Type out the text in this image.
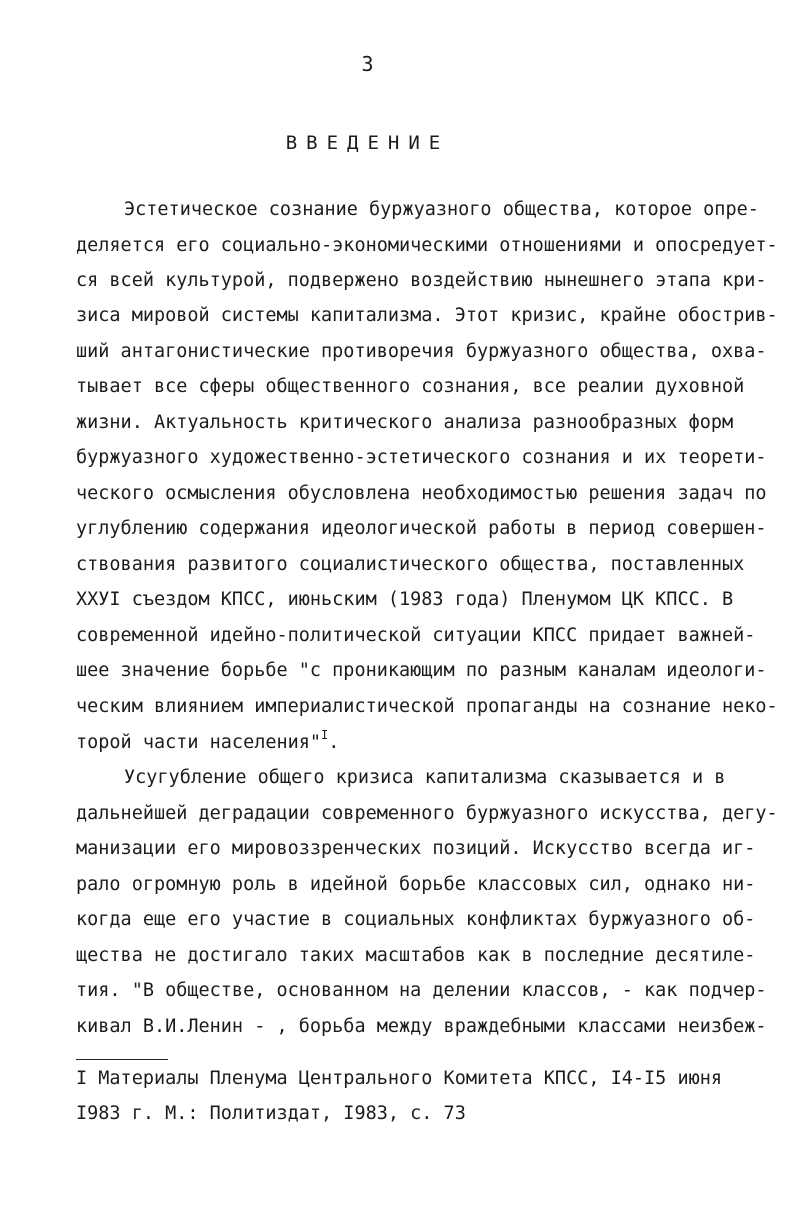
3
ВВЕДЕНИЕ
Эстетическое сознание буржуазного общества, которое опре-
деляется его социально-экономическими отношениями и опосредует-
ся всей культурой, подвержено воздействию нынешнего этапа кри-
зиса мировой системы капитализма. Этот кризис, крайне обострив-
ший антагонистические противоречия буржуазного общества, охва-
тывает все сферы общественного сознания, все реалии духовной
жизни. Актуальность критического анализа разнообразных форм
буржуазного художественно-эстетического сознания и их теорети-
ческого осмысления обусловлена необходимостью решения задач по
углублению содержания идеологической работы в период совершен-
ствования развитого социалистического общества, поставленных
ХХУI съездом КПСС, июньским (1983 года) Пленумом ЦК КПСС. В
современной идейно-политической ситуации КПСС придает важней-
шее значение борьбе "с проникающим по разным каналам идеологи-
ческим влиянием империалистической пропаганды на сознание неко-
торой части населения"$^I$.
Усугубление общего кризиса капитализма сказывается и в
дальнейшей деградации современного буржуазного искусства, дегу-
манизации его мировоззренческих позиций. Искусство всегда иг-
рало огромную роль в идейной борьбе классовых сил, однако ни-
когда еще его участие в социальных конфликтах буржуазного об-
щества не достигало таких масштабов как в последние десятиле-
тия. "В обществе, основанном на делении классов, - как подчер-
кивал В.И.Ленин - , борьба между враждебными классами неизбеж-
I Материалы Пленума Центрального Комитета КПСС, I4-I5 июня
I983 г. М.: Политиздат, I983, с. 73
